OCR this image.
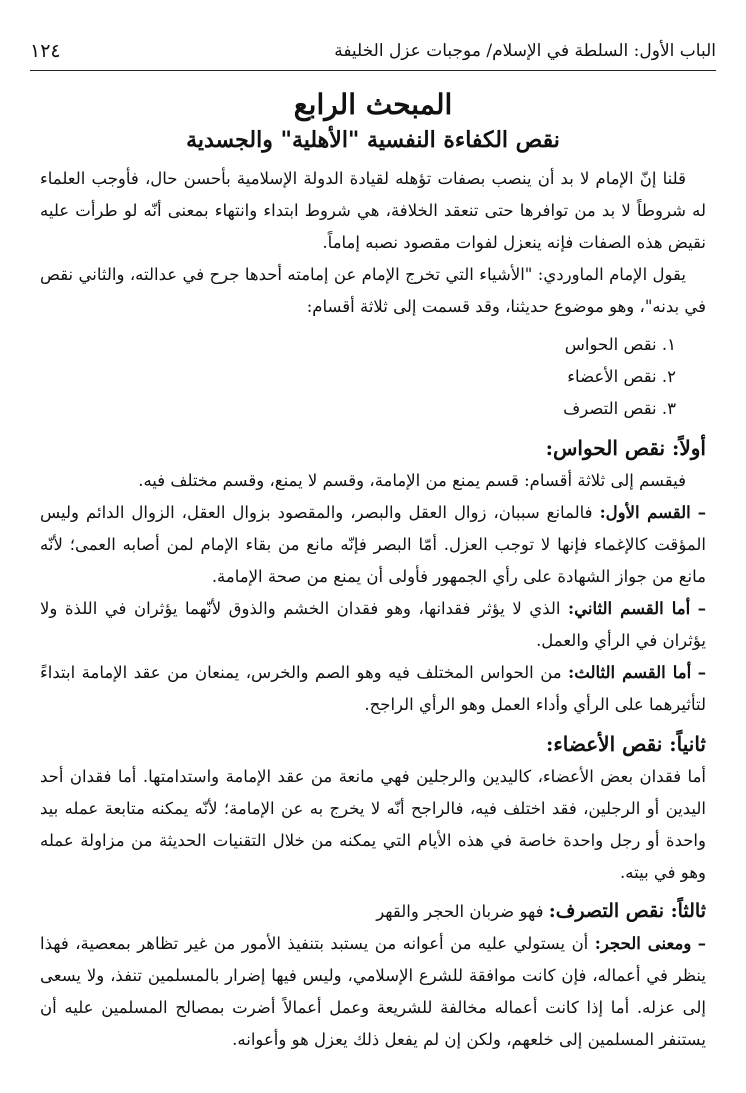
الباب الأول: السلطة في الإسلام/ موجبات عزل الخليفة
١٢٤
المبحث الرابع
نقص الكفاءة النفسية "الأهلية" والجسدية

قلنا إنّ الإمام لا بد أن ينصب بصفات تؤهله لقيادة الدولة الإسلامية بأحسن حال، فأوجب العلماء له شروطاً لا بد من توافرها حتى تنعقد الخلافة، هي شروط ابتداء وانتهاء بمعنى أنّه لو طرأت عليه نقيض هذه الصفات فإنه ينعزل لفوات مقصود نصبه إماماً.

يقول الإمام الماوردي: "الأشياء التي تخرج الإمام عن إمامته أحدها جرح في عدالته، والثاني نقص في بدنه"، وهو موضوع حديثنا، وقد قسمت إلى ثلاثة أقسام:

١. نقص الحواس
٢. نقص الأعضاء
٣. نقص التصرف
أولاً: نقص الحواس:

فيقسم إلى ثلاثة أقسام: قسم يمنع من الإمامة، وقسم لا يمنع، وقسم مختلف فيه.

– القسم الأول: فالمانع سببان، زوال العقل والبصر، والمقصود بزوال العقل، الزوال الدائم وليس المؤقت كالإغماء فإنها لا توجب العزل. أمّا البصر فإنّه مانع من بقاء الإمام لمن أصابه العمى؛ لأنّه مانع من جواز الشهادة على رأي الجمهور فأولى أن يمنع من صحة الإمامة.

– أما القسم الثاني: الذي لا يؤثر فقدانها، وهو فقدان الخشم والذوق لأنّهما يؤثران في اللذة ولا يؤثران في الرأي والعمل.

– أما القسم الثالث: من الحواس المختلف فيه وهو الصم والخرس، يمنعان من عقد الإمامة ابتداءً لتأثيرهما على الرأي وأداء العمل وهو الرأي الراجح.

ثانياً: نقص الأعضاء:

أما فقدان بعض الأعضاء، كاليدين والرجلين فهي مانعة من عقد الإمامة واستدامتها. أما فقدان أحد اليدين أو الرجلين، فقد اختلف فيه، فالراجح أنّه لا يخرج به عن الإمامة؛ لأنّه يمكنه متابعة عمله بيد واحدة أو رجل واحدة خاصة في هذه الأيام التي يمكنه من خلال التقنيات الحديثة من مزاولة عمله وهو في بيته.

ثالثاً: نقص التصرف: فهو ضربان الحجر والقهر

– ومعنى الحجر: أن يستولي عليه من أعوانه من يستبد بتنفيذ الأمور من غير تظاهر بمعصية، فهذا ينظر في أعماله، فإن كانت موافقة للشرع الإسلامي، وليس فيها إضرار بالمسلمين تنفذ، ولا يسعى إلى عزله. أما إذا كانت أعماله مخالفة للشريعة وعمل أعمالاً أضرت بمصالح المسلمين عليه أن يستنفر المسلمين إلى خلعهم، ولكن إن لم يفعل ذلك يعزل هو وأعوانه.
